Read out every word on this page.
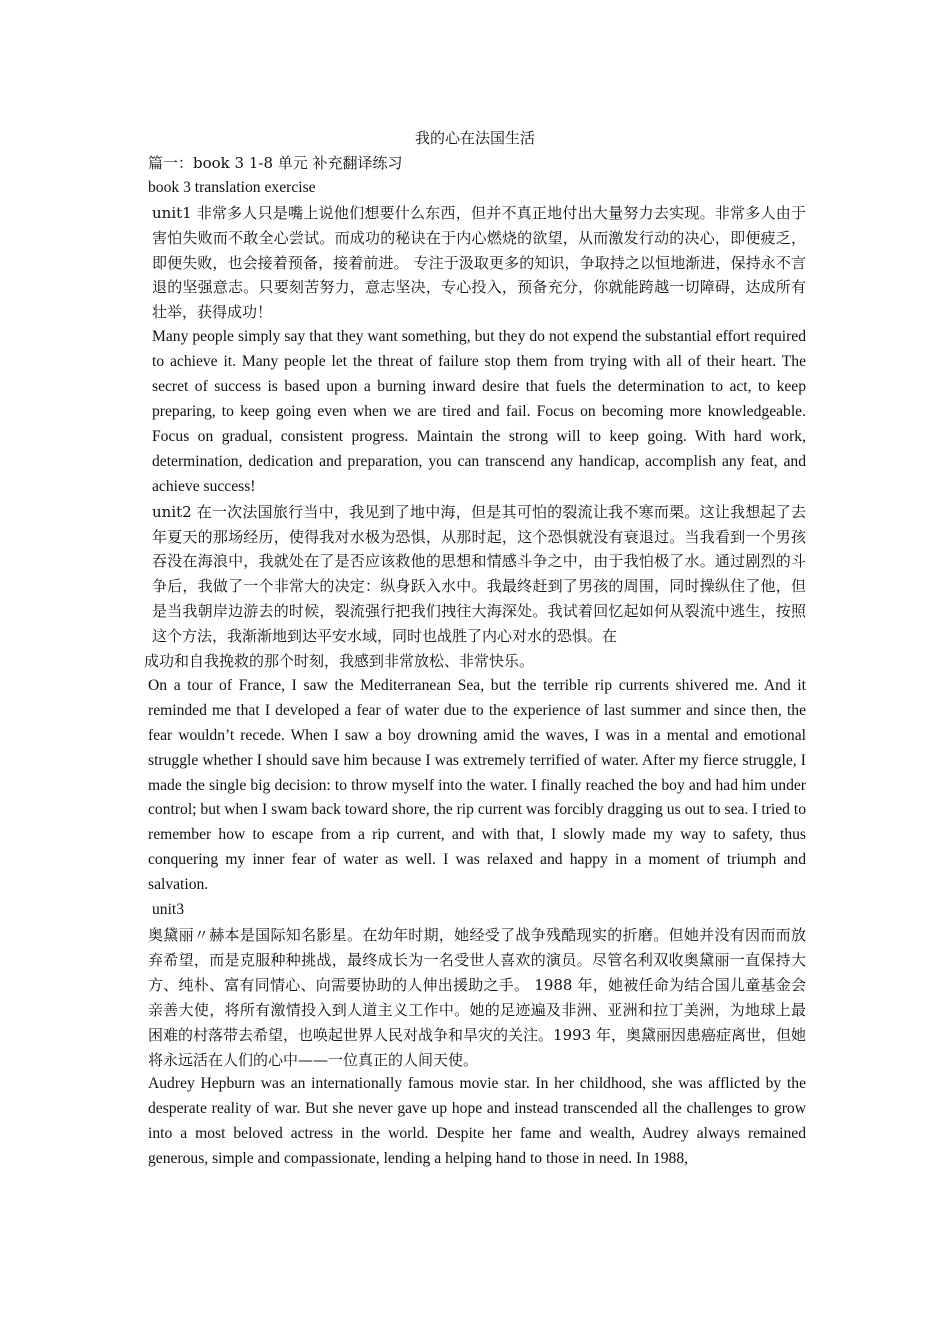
我的心在法国生活

篇一：book 3 1-8 单元 补充翻译练习

book 3 translation exercise

unit1 非常多人只是嘴上说他们想要什么东西，但并不真正地付出大量努力去实现。非常多人由于害怕失败而不敢全心尝试。而成功的秘诀在于内心燃烧的欲望，从而激发行动的决心，即便疲乏，即便失败，也会接着预备，接着前进。 专注于汲取更多的知识，争取持之以恒地渐进，保持永不言退的坚强意志。只要刻苦努力，意志坚决，专心投入，预备充分，你就能跨越一切障碍，达成所有壮举，获得成功！

Many people simply say that they want something, but they do not expend the substantial effort required to achieve it. Many people let the threat of failure stop them from trying with all of their heart. The secret of success is based upon a burning inward desire that fuels the determination to act, to keep preparing, to keep going even when we are tired and fail. Focus on becoming more knowledgeable. Focus on gradual, consistent progress. Maintain the strong will to keep going. With hard work, determination, dedication and preparation, you can transcend any handicap, accomplish any feat, and achieve success!

unit2 在一次法国旅行当中，我见到了地中海，但是其可怕的裂流让我不寒而栗。这让我想起了去年夏天的那场经历，使得我对水极为恐惧，从那时起，这个恐惧就没有衰退过。当我看到一个男孩吞没在海浪中，我就处在了是否应该救他的思想和情感斗争之中，由于我怕极了水。通过剧烈的斗争后，我做了一个非常大的决定：纵身跃入水中。我最终赶到了男孩的周围，同时操纵住了他，但是当我朝岸边游去的时候，裂流强行把我们拽往大海深处。我试着回忆起如何从裂流中逃生，按照这个方法，我渐渐地到达平安水域，同时也战胜了内心对水的恐惧。在

成功和自我挽救的那个时刻，我感到非常放松、非常快乐。

On a tour of France, I saw the Mediterranean Sea, but the terrible rip currents shivered me. And it reminded me that I developed a fear of water due to the experience of last summer and since then, the fear wouldn’t recede. When I saw a boy drowning amid the waves, I was in a mental and emotional struggle whether I should save him because I was extremely terrified of water. After my fierce struggle, I made the single big decision: to throw myself into the water. I finally reached the boy and had him under control; but when I swam back toward shore, the rip current was forcibly dragging us out to sea. I tried to remember how to escape from a rip current, and with that, I slowly made my way to safety, thus conquering my inner fear of water as well. I was relaxed and happy in a moment of triumph and salvation.

unit3

奥黛丽〃赫本是国际知名影星。在幼年时期，她经受了战争残酷现实的折磨。但她并没有因而而放弃希望，而是克服种种挑战，最终成长为一名受世人喜欢的演员。尽管名利双收奥黛丽一直保持大方、纯朴、富有同情心、向需要协助的人伸出援助之手。 1988 年，她被任命为结合国儿童基金会亲善大使，将所有激情投入到人道主义工作中。她的足迹遍及非洲、亚洲和拉丁美洲，为地球上最困难的村落带去希望，也唤起世界人民对战争和旱灾的关注。1993 年，奥黛丽因患癌症离世，但她将永远活在人们的心中——一位真正的人间天使。

Audrey Hepburn was an internationally famous movie star. In her childhood, she was afflicted by the desperate reality of war. But she never gave up hope and instead transcended all the challenges to grow into a most beloved actress in the world. Despite her fame and wealth, Audrey always remained generous, simple and compassionate, lending a helping hand to those in need. In 1988,
